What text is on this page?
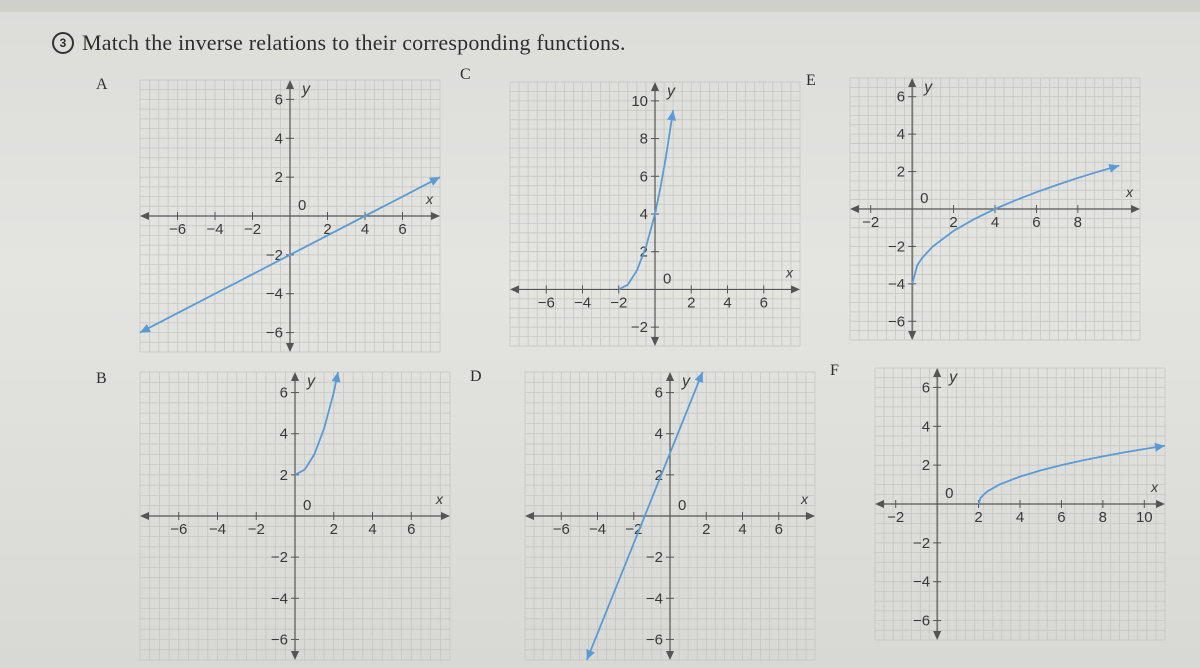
3 Match the inverse relations to their corresponding functions.
A
C	E
B	D	F
−6 −4 −2	2 4 6
6
4
2
−2
−4
−6
0	x
y
−6 −4 −2	2 4 6
10
8
6
4
2
−2
0	x
y
−2	2 4 6 8
6
4
2
−2
−4
−6
0	x
y
−6 −4 −2	2 4 6
6
4
2
−2
−4
−6
0	x
y
−6 −4 −2	2 4 6
6
4
2
−2
−4
−6
0	x
y
−2	2 4 6 8 10
6
4
2
−2
−4
−6
0	x
y
